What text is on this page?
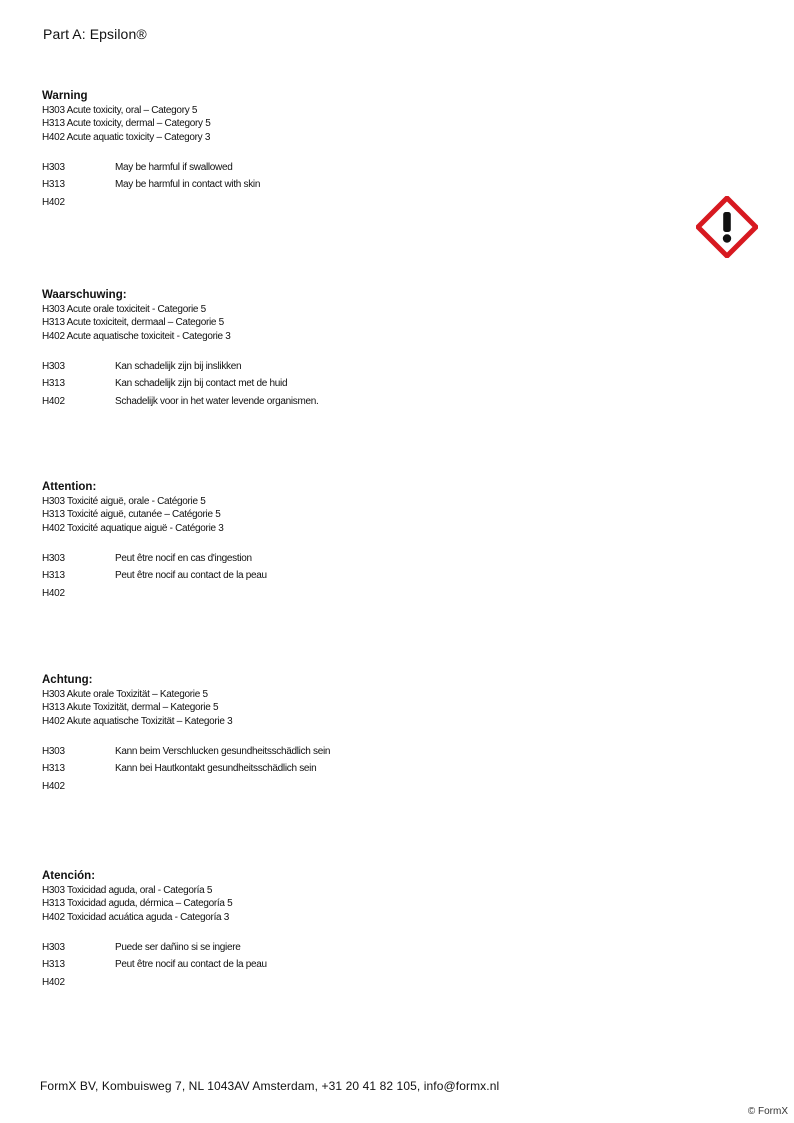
Part A: Epsilon®
Warning
H303 Acute toxicity, oral – Category 5
H313 Acute toxicity, dermal – Category 5
H402 Acute aquatic toxicity – Category 3
H303	May be harmful if swallowed
H313	May be harmful in contact with skin
H402
Waarschuwing:
H303 Acute orale toxiciteit - Categorie 5
H313 Acute toxiciteit, dermaal – Categorie 5
H402 Acute aquatische toxiciteit - Categorie 3
H303	Kan schadelijk zijn bij inslikken
H313	Kan schadelijk zijn bij contact met de huid
H402	Schadelijk voor in het water levende organismen.
Attention:
H303 Toxicité aiguë, orale - Catégorie 5
H313 Toxicité aiguë, cutanée – Catégorie 5
H402 Toxicité aquatique aiguë - Catégorie 3
H303	Peut être nocif en cas d'ingestion
H313	Peut être nocif au contact de la peau
H402
Achtung:
H303 Akute orale Toxizität – Kategorie 5
H313 Akute Toxizität, dermal – Kategorie 5
H402 Akute aquatische Toxizität – Kategorie 3
H303	Kann beim Verschlucken gesundheitsschädlich sein
H313	Kann bei Hautkontakt gesundheitsschädlich sein
H402
Atención:
H303 Toxicidad aguda, oral - Categoría 5
H313 Toxicidad aguda, dérmica – Categoría 5
H402 Toxicidad acuática aguda - Categoría 3
H303	Puede ser dañino si se ingiere
H313	Peut être nocif au contact de la peau
H402
FormX BV, Kombuisweg 7, NL 1043AV Amsterdam, +31 20 41 82 105, info@formx.nl
© FormX
